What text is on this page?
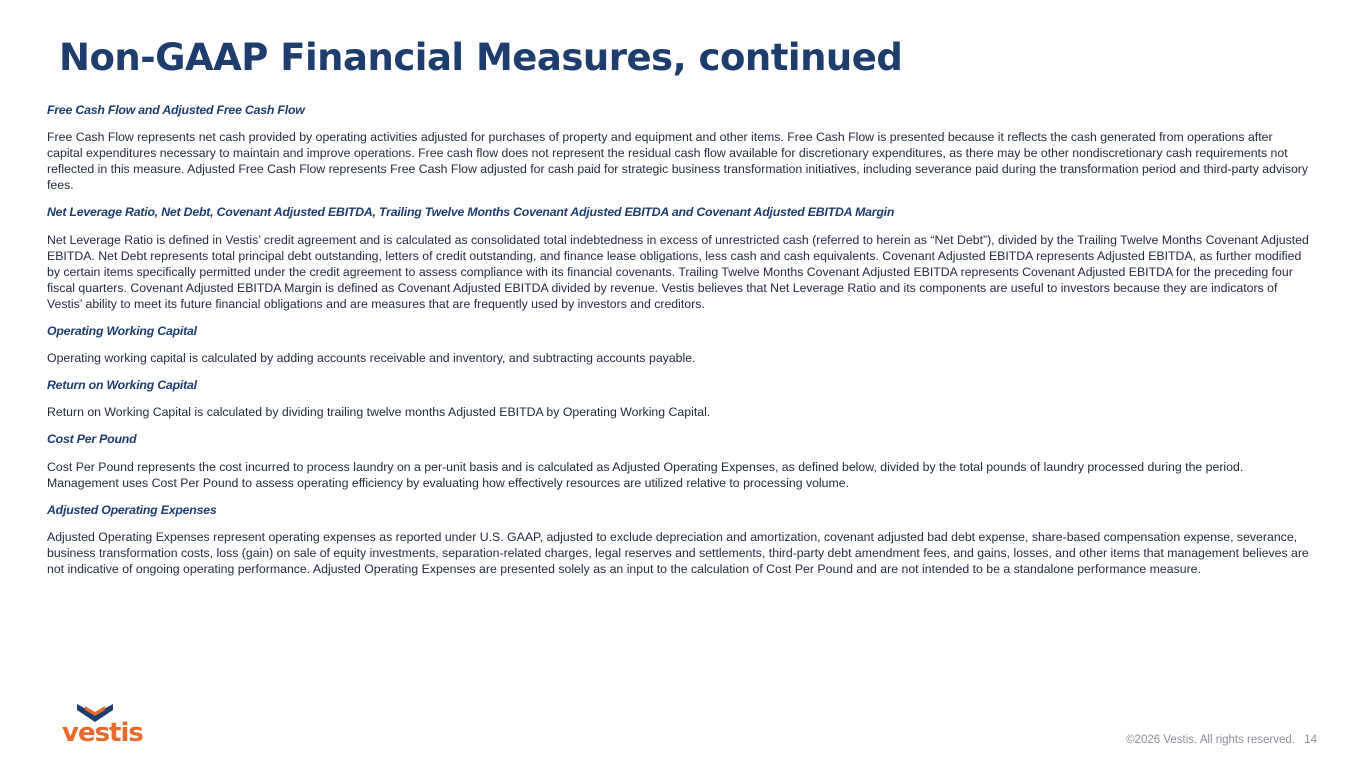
Non-GAAP Financial Measures, continued

Free Cash Flow and Adjusted Free Cash Flow

Free Cash Flow represents net cash provided by operating activities adjusted for purchases of property and equipment and other items. Free Cash Flow is presented because it reflects the cash generated from operations after capital expenditures necessary to maintain and improve operations. Free cash flow does not represent the residual cash flow available for discretionary expenditures, as there may be other nondiscretionary cash requirements not reflected in this measure. Adjusted Free Cash Flow represents Free Cash Flow adjusted for cash paid for strategic business transformation initiatives, including severance paid during the transformation period and third-party advisory fees.

Net Leverage Ratio, Net Debt, Covenant Adjusted EBITDA, Trailing Twelve Months Covenant Adjusted EBITDA and Covenant Adjusted EBITDA Margin

Net Leverage Ratio is defined in Vestis’ credit agreement and is calculated as consolidated total indebtedness in excess of unrestricted cash (referred to herein as “Net Debt”), divided by the Trailing Twelve Months Covenant Adjusted EBITDA. Net Debt represents total principal debt outstanding, letters of credit outstanding, and finance lease obligations, less cash and cash equivalents. Covenant Adjusted EBITDA represents Adjusted EBITDA, as further modified by certain items specifically permitted under the credit agreement to assess compliance with its financial covenants. Trailing Twelve Months Covenant Adjusted EBITDA represents Covenant Adjusted EBITDA for the preceding four fiscal quarters. Covenant Adjusted EBITDA Margin is defined as Covenant Adjusted EBITDA divided by revenue. Vestis believes that Net Leverage Ratio and its components are useful to investors because they are indicators of Vestis’ ability to meet its future financial obligations and are measures that are frequently used by investors and creditors.

Operating Working Capital

Operating working capital is calculated by adding accounts receivable and inventory, and subtracting accounts payable.

Return on Working Capital

Return on Working Capital is calculated by dividing trailing twelve months Adjusted EBITDA by Operating Working Capital.

Cost Per Pound

Cost Per Pound represents the cost incurred to process laundry on a per-unit basis and is calculated as Adjusted Operating Expenses, as defined below, divided by the total pounds of laundry processed during the period. Management uses Cost Per Pound to assess operating efficiency by evaluating how effectively resources are utilized relative to processing volume.

Adjusted Operating Expenses

Adjusted Operating Expenses represent operating expenses as reported under U.S. GAAP, adjusted to exclude depreciation and amortization, covenant adjusted bad debt expense, share-based compensation expense, severance, business transformation costs, loss (gain) on sale of equity investments, separation-related charges, legal reserves and settlements, third-party debt amendment fees, and gains, losses, and other items that management believes are not indicative of ongoing operating performance. Adjusted Operating Expenses are presented solely as an input to the calculation of Cost Per Pound and are not intended to be a standalone performance measure.

vestis	©2026 Vestis. All rights reserved. 14
